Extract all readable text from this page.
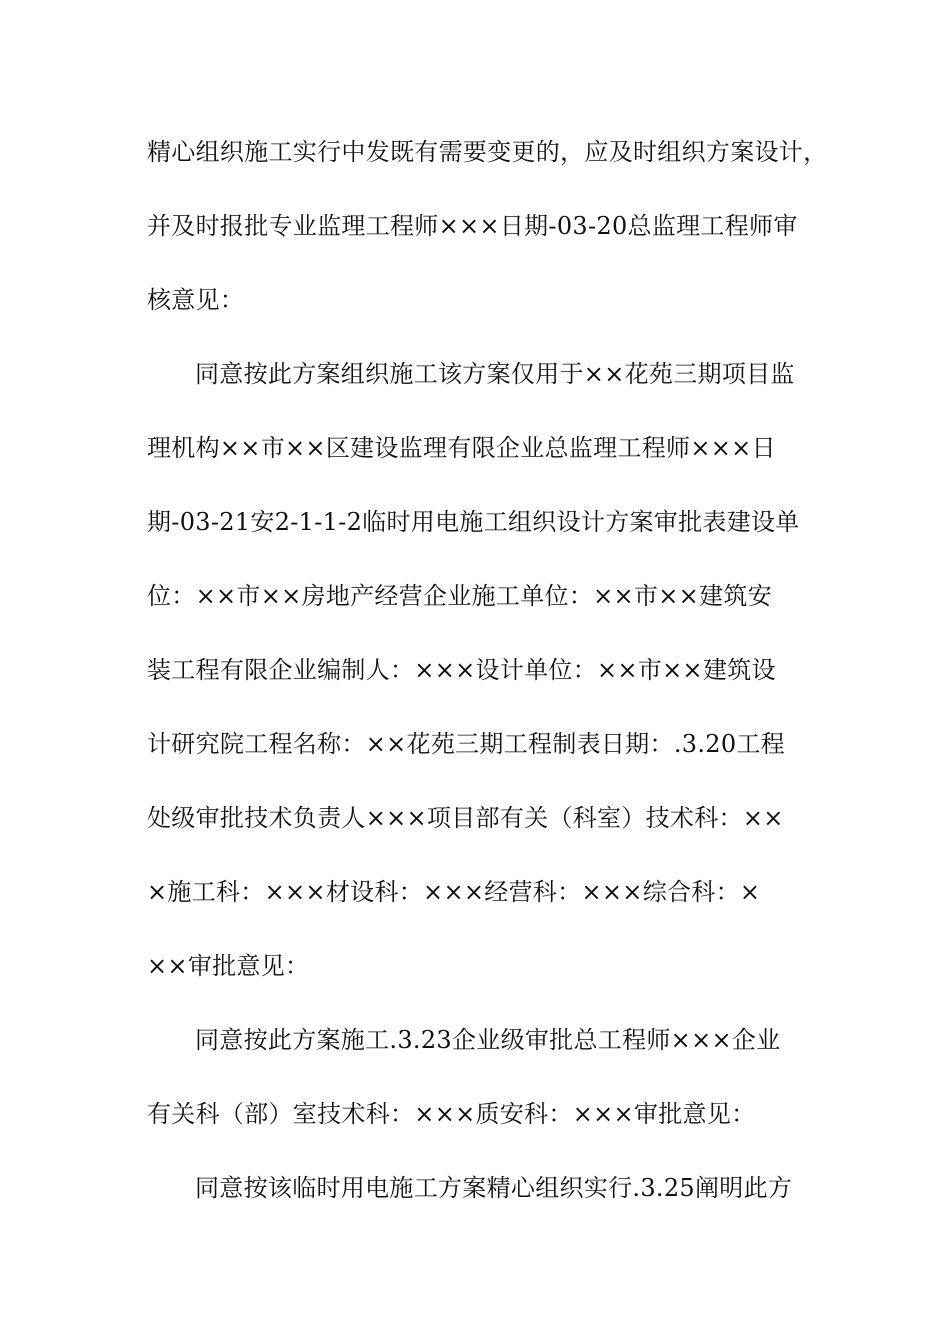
精心组织施工实行中发既有需要变更的，应及时组织方案设计，
并及时报批专业监理工程师×××日期-03-20总监理工程师审
核意见：
同意按此方案组织施工该方案仅用于××花苑三期项目监
理机构××市××区建设监理有限企业总监理工程师×××日
期-03-21安2-1-1-2临时用电施工组织设计方案审批表建设单
位：××市××房地产经营企业施工单位：××市××建筑安
装工程有限企业编制人：×××设计单位：××市××建筑设
计研究院工程名称：××花苑三期工程制表日期：.3.20工程
处级审批技术负责人×××项目部有关（科室）技术科：××
×施工科：×××材设科：×××经营科：×××综合科：×
××审批意见：
同意按此方案施工.3.23企业级审批总工程师×××企业
有关科（部）室技术科：×××质安科：×××审批意见：
同意按该临时用电施工方案精心组织实行.3.25阐明此方
